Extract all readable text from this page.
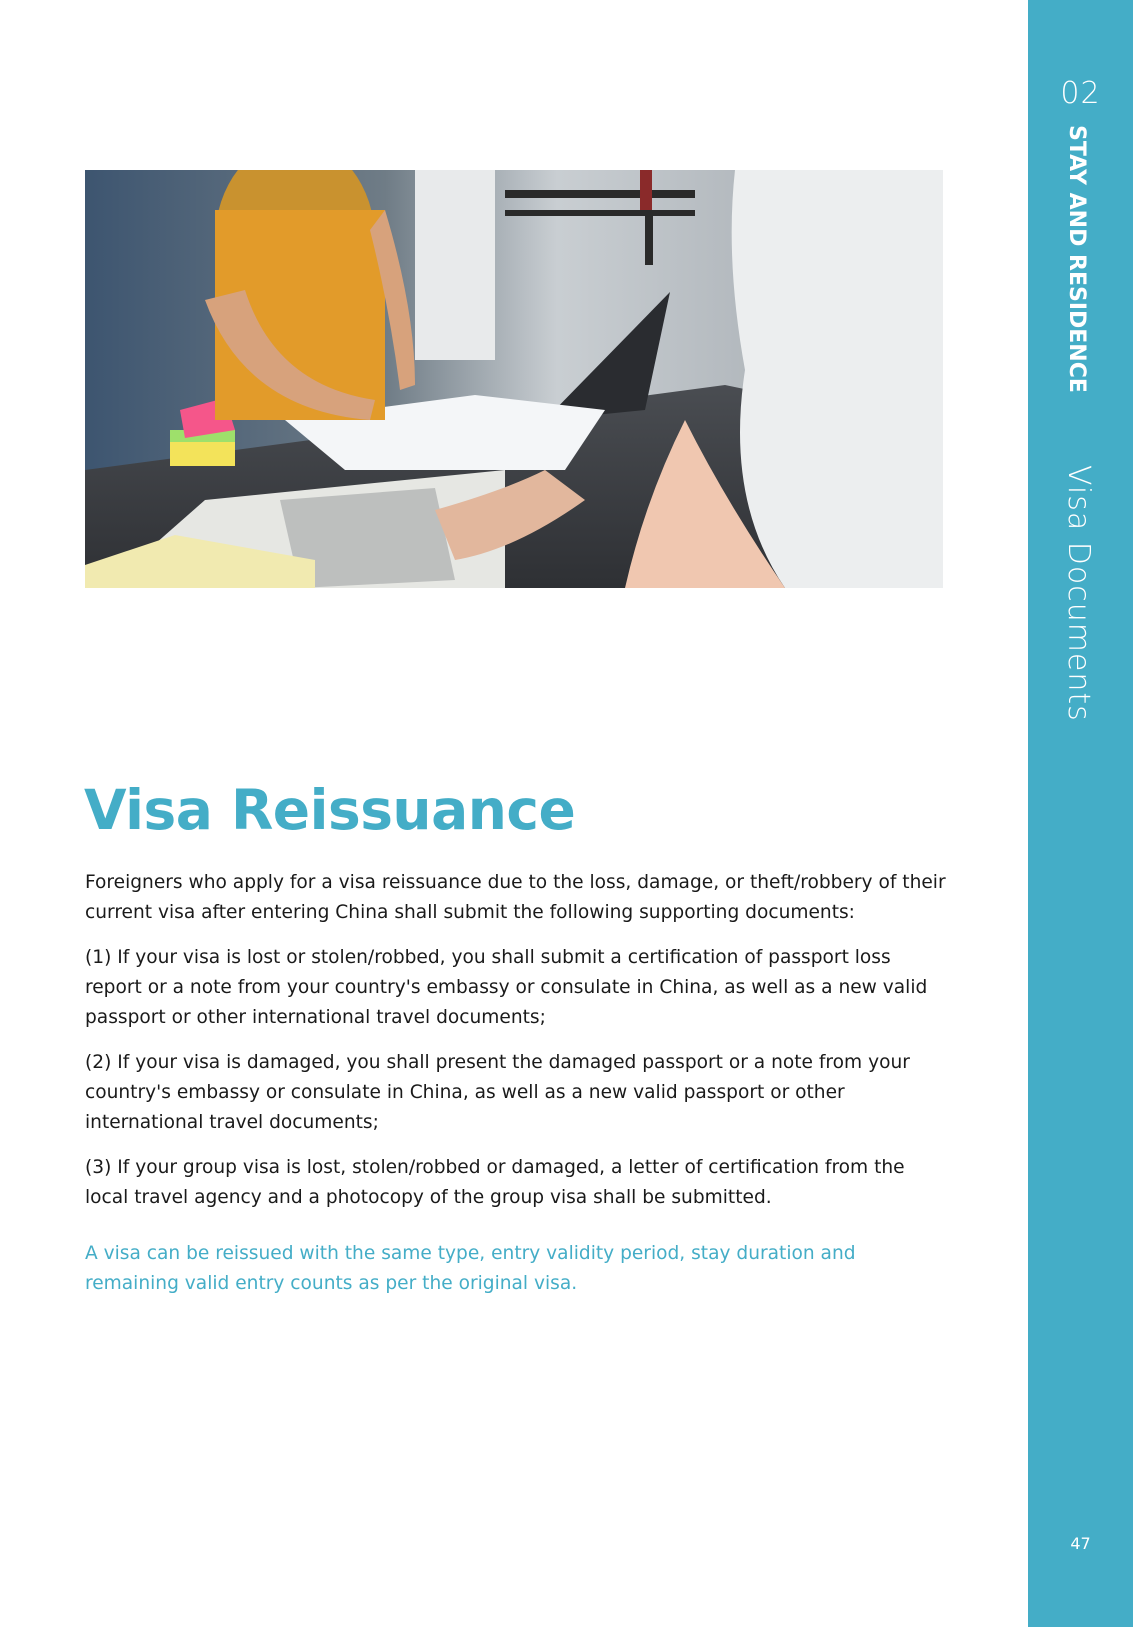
02
STAY AND RESIDENCE
Visa Documents
47
Visa Reissuance

Foreigners who apply for a visa reissuance due to the loss, damage, or theft/robbery of their current visa after entering China shall submit the following supporting documents:

(1) If your visa is lost or stolen/robbed, you shall submit a certification of passport loss report or a note from your country's embassy or consulate in China, as well as a new valid passport or other international travel documents;

(2) If your visa is damaged, you shall present the damaged passport or a note from your country's embassy or consulate in China, as well as a new valid passport or other international travel documents;

(3) If your group visa is lost, stolen/robbed or damaged, a letter of certification from the local travel agency and a photocopy of the group visa shall be submitted.

A visa can be reissued with the same type, entry validity period, stay duration and remaining valid entry counts as per the original visa.
